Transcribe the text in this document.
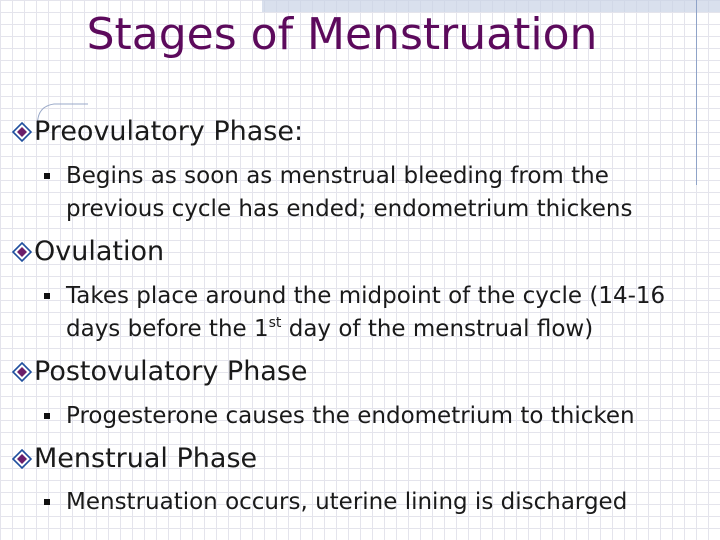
Stages of Menstruation
Preovulatory Phase:
Begins as soon as menstrual bleeding from the
previous cycle has ended; endometrium thickens
Ovulation
Takes place around the midpoint of the cycle (14-16
days before the 1st day of the menstrual flow)
Postovulatory Phase
Progesterone causes the endometrium to thicken
Menstrual Phase
Menstruation occurs, uterine lining is discharged
